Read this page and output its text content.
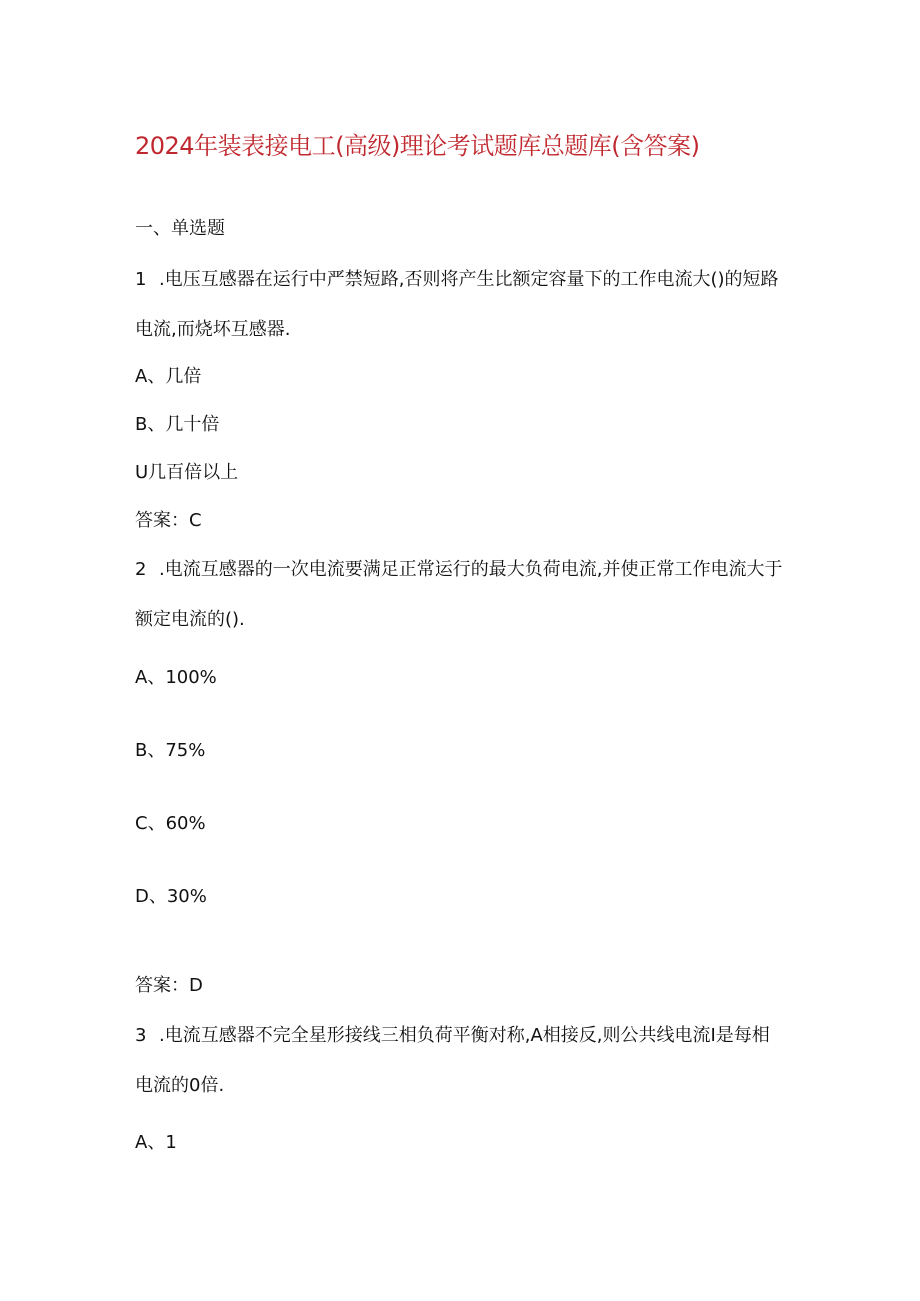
2024年装表接电工(高级)理论考试题库总题库(含答案)

一、单选题

1 .电压互感器在运行中严禁短路,否则将产生比额定容量下的工作电流大()的短路电流,而烧坏互感器.

A、几倍

B、几十倍

U几百倍以上

答案：C

2 .电流互感器的一次电流要满足正常运行的最大负荷电流,并使正常工作电流大于额定电流的().

A、100%

B、75%

C、60%

D、30%

答案：D

3 .电流互感器不完全星形接线三相负荷平衡对称,A相接反,则公共线电流I是每相电流的0倍.

A、1
